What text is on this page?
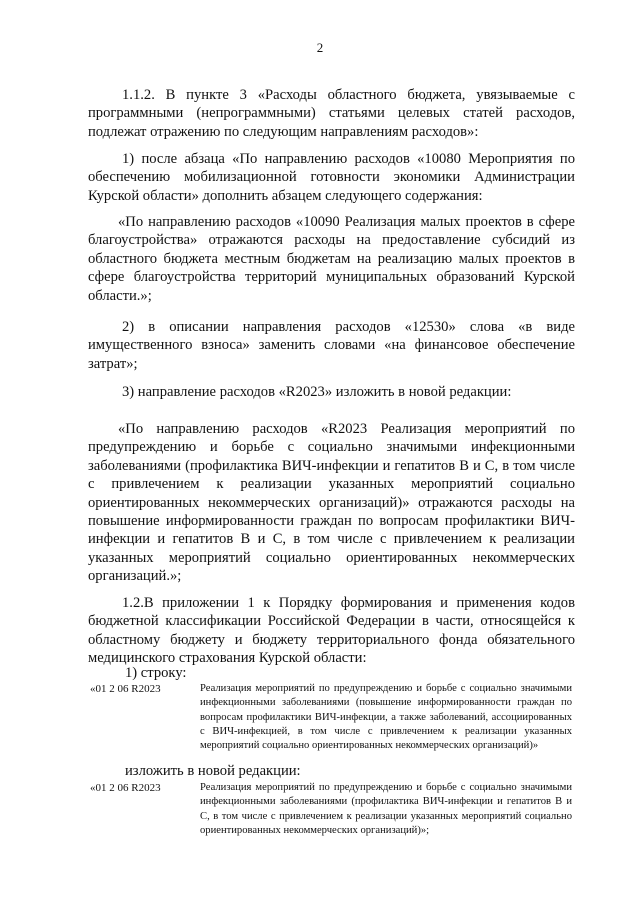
2

1.1.2. В пункте 3 «Расходы областного бюджета, увязываемые с программными (непрограммными) статьями целевых статей расходов, подлежат отражению по следующим направлениям расходов»:

1) после абзаца «По направлению расходов «10080 Мероприятия по обеспечению мобилизационной готовности экономики Администрации Курской области» дополнить абзацем следующего содержания:

«По направлению расходов «10090 Реализация малых проектов в сфере благоустройства» отражаются расходы на предоставление субсидий из областного бюджета местным бюджетам на реализацию малых проектов в сфере благоустройства территорий муниципальных образований Курской области.»;

2) в описании направления расходов «12530» слова «в виде имущественного взноса» заменить словами «на финансовое обеспечение затрат»;

3) направление расходов «R2023» изложить в новой редакции:

«По направлению расходов «R2023 Реализация мероприятий по предупреждению и борьбе с социально значимыми инфекционными заболеваниями (профилактика ВИЧ-инфекции и гепатитов B и C, в том числе с привлечением к реализации указанных мероприятий социально ориентированных некоммерческих организаций)» отражаются расходы на повышение информированности граждан по вопросам профилактики ВИЧ-инфекции и гепатитов B и C, в том числе с привлечением к реализации указанных мероприятий социально ориентированных некоммерческих организаций.»;

1.2.В приложении 1 к Порядку формирования и применения кодов бюджетной классификации Российской Федерации в части, относящейся к областному бюджету и бюджету территориального фонда обязательного медицинского страхования Курской области:

1) строку:

«01 2 06 R2023	Реализация мероприятий по предупреждению и борьбе с социально значимыми инфекционными заболеваниями (повышение информированности граждан по вопросам профилактики ВИЧ-инфекции, а также заболеваний, ассоциированных с ВИЧ-инфекцией, в том числе с привлечением к реализации указанных мероприятий социально ориентированных некоммерческих организаций)»

изложить в новой редакции:

«01 2 06 R2023	Реализация мероприятий по предупреждению и борьбе с социально значимыми инфекционными заболеваниями (профилактика ВИЧ-инфекции и гепатитов B и C, в том числе с привлечением к реализации указанных мероприятий социально ориентированных некоммерческих организаций)»;
